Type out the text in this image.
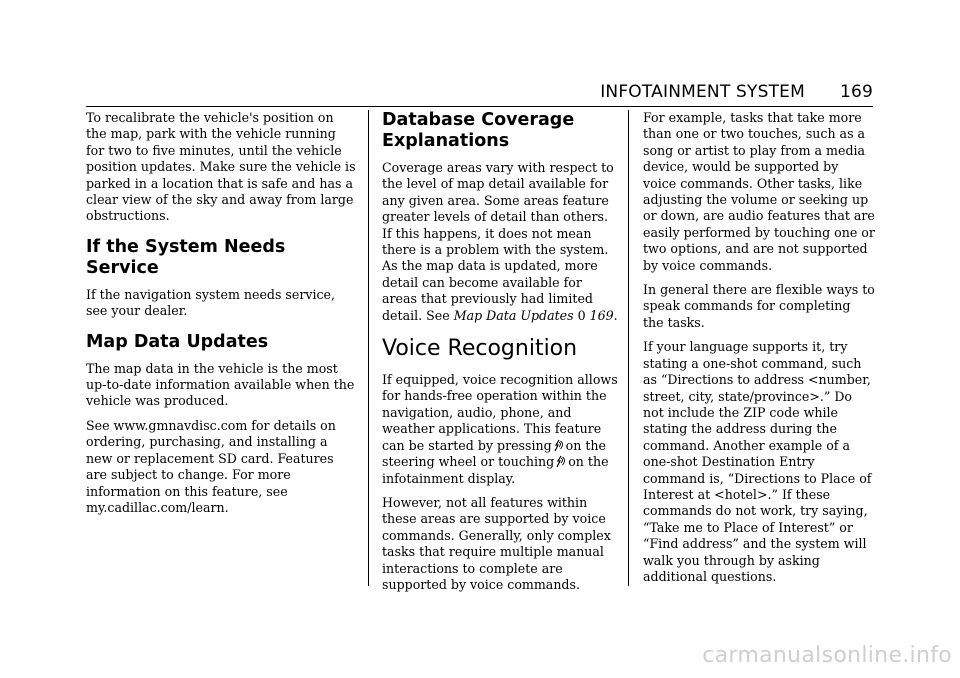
INFOTAINMENT SYSTEM 169

To recalibrate the vehicle's position on the map, park with the vehicle running for two to five minutes, until the vehicle position updates. Make sure the vehicle is parked in a location that is safe and has a clear view of the sky and away from large obstructions.

If the System Needs Service

If the navigation system needs service, see your dealer.

Map Data Updates

The map data in the vehicle is the most up-to-date information available when the vehicle was produced.

See www.gmnavdisc.com for details on ordering, purchasing, and installing a new or replacement SD card. Features are subject to change. For more information on this feature, see my.cadillac.com/learn.

Database Coverage Explanations

Coverage areas vary with respect to the level of map detail available for any given area. Some areas feature greater levels of detail than others. If this happens, it does not mean there is a problem with the system. As the map data is updated, more detail can become available for areas that previously had limited detail. See Map Data Updates 0 169.

Voice Recognition

If equipped, voice recognition allows for hands-free operation within the navigation, audio, phone, and weather applications. This feature can be started by pressing on the steering wheel or touching on the infotainment display.

However, not all features within these areas are supported by voice commands. Generally, only complex tasks that require multiple manual interactions to complete are supported by voice commands.

For example, tasks that take more than one or two touches, such as a song or artist to play from a media device, would be supported by voice commands. Other tasks, like adjusting the volume or seeking up or down, are audio features that are easily performed by touching one or two options, and are not supported by voice commands.

In general there are flexible ways to speak commands for completing the tasks.

If your language supports it, try stating a one-shot command, such as “Directions to address <number, street, city, state/province>.” Do not include the ZIP code while stating the address during the command. Another example of a one-shot Destination Entry command is, “Directions to Place of Interest at <hotel>.” If these commands do not work, try saying, “Take me to Place of Interest” or “Find address” and the system will walk you through by asking additional questions.

carmanualsonline.info
